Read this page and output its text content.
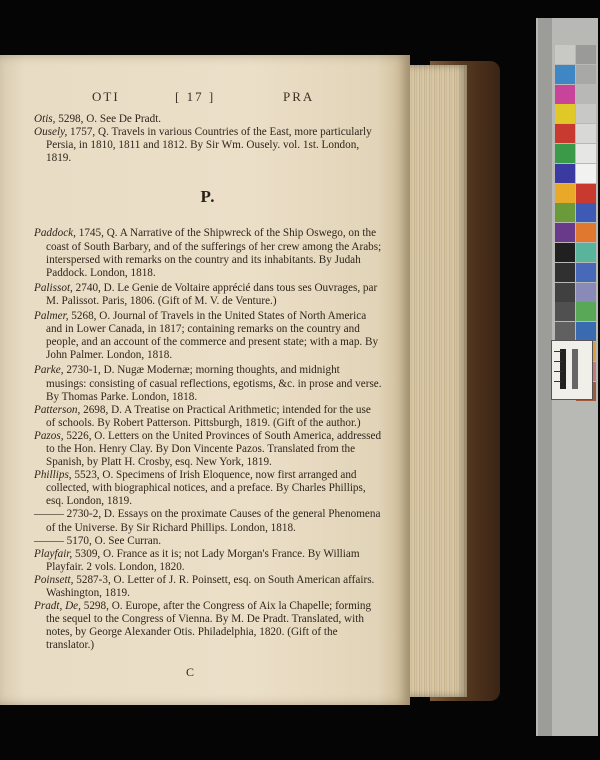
OTI	[ 17 ]	PRA

Otis, 5298, O. See De Pradt.

Ousely, 1757, Q. Travels in various Countries of the East, more particularly Persia, in 1810, 1811 and 1812. By Sir Wm. Ousely. vol. 1st. London, 1819.

P.

Paddock, 1745, Q. A Narrative of the Shipwreck of the Ship Oswego, on the coast of South Barbary, and of the sufferings of her crew among the Arabs; interspersed with remarks on the country and its inhabitants. By Judah Paddock. London, 1818.

Palissot, 2740, D. Le Genie de Voltaire apprécié dans tous ses Ouvrages, par M. Palissot. Paris, 1806. (Gift of M. V. de Venture.)

Palmer, 5268, O. Journal of Travels in the United States of North America and in Lower Canada, in 1817; containing remarks on the country and people, and an account of the commerce and present state; with a map. By John Palmer. London, 1818.

Parke, 2730-1, D. Nugæ Modernæ; morning thoughts, and midnight musings: consisting of casual reflections, egotisms, &c. in prose and verse. By Thomas Parke. London, 1818.

Patterson, 2698, D. A Treatise on Practical Arithmetic; intended for the use of schools. By Robert Patterson. Pittsburgh, 1819. (Gift of the author.)

Pazos, 5226, O. Letters on the United Provinces of South America, addressed to the Hon. Henry Clay. By Don Vincente Pazos. Translated from the Spanish, by Platt H. Crosby, esq. New York, 1819.

Phillips, 5523, O. Specimens of Irish Eloquence, now first arranged and collected, with biographical notices, and a preface. By Charles Phillips, esq. London, 1819.

——— 2730-2, D. Essays on the proximate Causes of the general Phenomena of the Universe. By Sir Richard Phillips. London, 1818.

——— 5170, O. See Curran.

Playfair, 5309, O. France as it is; not Lady Morgan's France. By William Playfair. 2 vols. London, 1820.

Poinsett, 5287-3, O. Letter of J. R. Poinsett, esq. on South American affairs. Washington, 1819.

Pradt, De, 5298, O. Europe, after the Congress of Aix la Chapelle; forming the sequel to the Congress of Vienna. By M. De Pradt. Translated, with notes, by George Alexander Otis. Philadelphia, 1820. (Gift of the translator.)

C
